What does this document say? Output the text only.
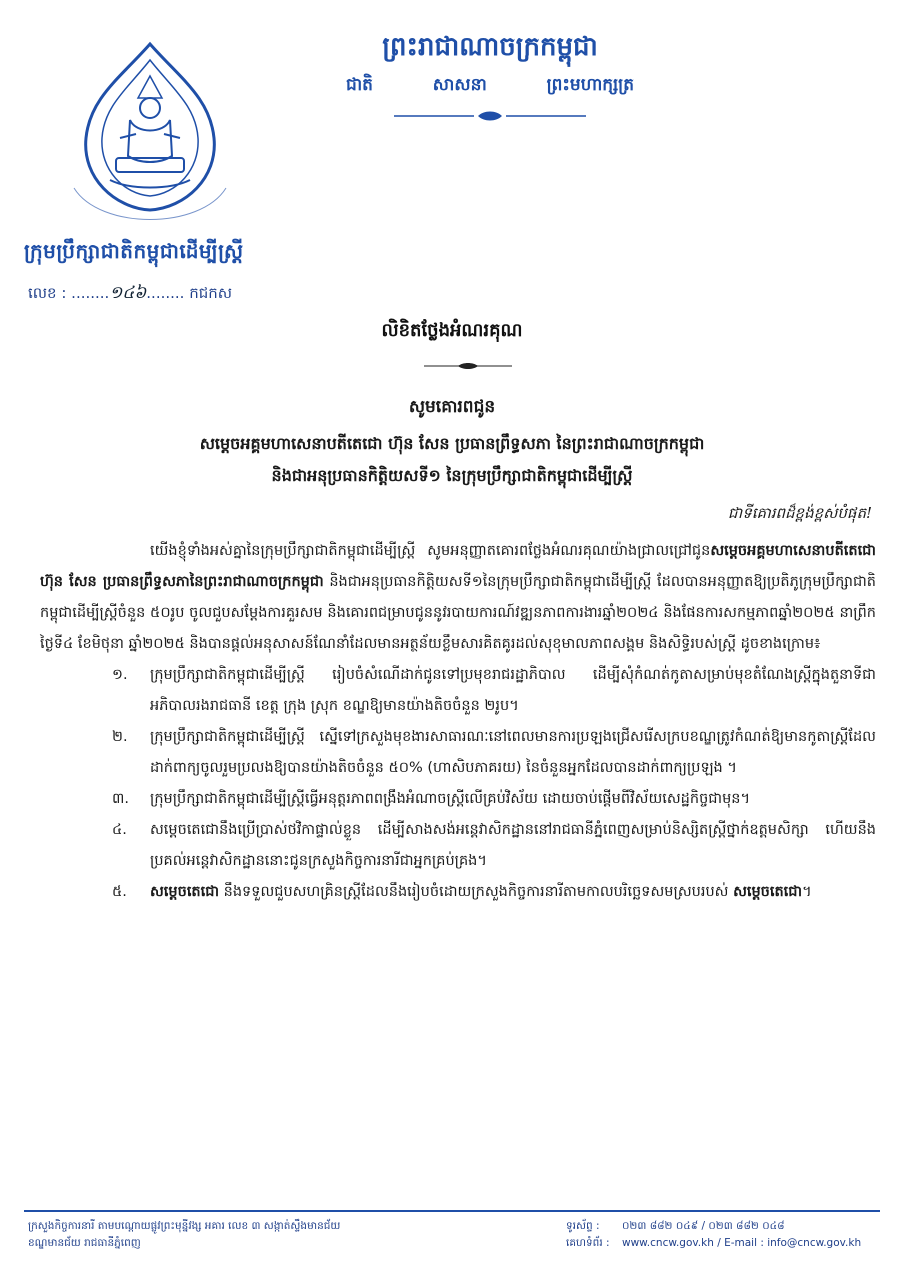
ព្រះរាជាណាចក្រកម្ពុជា
ជាតិ	សាសនា	ព្រះមហាក្សត្រ
ក្រុមប្រឹក្សាជាតិកម្ពុជាដើម្បីស្ត្រី
លេខ : ........១៤៦........ កជកស
លិខិតថ្លែងអំណរគុណ
សូមគោរពជូន
សម្តេចអគ្គមហាសេនាបតីតេជោ ហ៊ុន សែន ប្រធានព្រឹទ្ធសភា នៃព្រះរាជាណាចក្រកម្ពុជា
និងជាអនុប្រធានកិត្តិយសទី១ នៃក្រុមប្រឹក្សាជាតិកម្ពុជាដើម្បីស្ត្រី
ជាទីគោរពដ៏ខ្ពង់ខ្ពស់បំផុត!

យើងខ្ញុំទាំងអស់គ្នានៃក្រុមប្រឹក្សាជាតិកម្ពុជាដើម្បីស្ត្រី សូមអនុញ្ញាតគោរពថ្លែងអំណរគុណយ៉ាងជ្រាលជ្រៅជូនសម្តេចអគ្គមហាសេនាបតីតេជោ ហ៊ុន សែន ប្រធានព្រឹទ្ធសភានៃព្រះរាជាណាចក្រកម្ពុជា និងជាអនុប្រធានកិត្តិយសទី១នៃក្រុមប្រឹក្សាជាតិកម្ពុជាដើម្បីស្ត្រី ដែលបានអនុញ្ញាតឱ្យប្រតិភូក្រុមប្រឹក្សាជាតិកម្ពុជាដើម្បីស្ត្រីចំនួន ៥០រូប ចូលជួបសម្តែងការគួរសម និងគោរពជម្រាបជូននូវរបាយការណ៍វឌ្ឍនភាពការងារឆ្នាំ២០២៤ និងផែនការសកម្មភាពឆ្នាំ២០២៥ នាព្រឹកថ្ងៃទី៤ ខែមិថុនា ឆ្នាំ២០២៥ និងបានផ្តល់អនុសាសន៍ណែនាំដែលមានអត្ថន័យខ្លឹមសារគិតគូរដល់សុខុមាលភាពសង្គម និងសិទ្ធិរបស់ស្ត្រី ដូចខាងក្រោម៖

១. ក្រុមប្រឹក្សាជាតិកម្ពុជាដើម្បីស្ត្រី រៀបចំសំណើដាក់ជូនទៅប្រមុខរាជរដ្ឋាភិបាល ដើម្បីសុំកំណត់កូតាសម្រាប់មុខតំណែងស្ត្រីក្នុងតួនាទីជាអភិបាលរងរាជធានី ខេត្ត ក្រុង ស្រុក ខណ្ឌឱ្យមានយ៉ាងតិចចំនួន ២រូប។
២. ក្រុមប្រឹក្សាជាតិកម្ពុជាដើម្បីស្ត្រី ស្នើទៅក្រសួងមុខងារសាធារណៈនៅពេលមានការប្រឡងជ្រើសរើសក្របខណ្ឌត្រូវកំណត់ឱ្យមានកូតាស្ត្រីដែលដាក់ពាក្យចូលរួមប្រលងឱ្យបានយ៉ាងតិចចំនួន ៥០% (ហាសិបភាគរយ) នៃចំនួនអ្នកដែលបានដាក់ពាក្យប្រឡង ។
៣. ក្រុមប្រឹក្សាជាតិកម្ពុជាដើម្បីស្ត្រីធ្វើអនុត្តរភាពពង្រឹងអំណាចស្ត្រីលើគ្រប់វិស័យ ដោយចាប់ផ្តើមពីវិស័យសេដ្ឋកិច្ចជាមុន។
៤. សម្តេចតេជោនឹងប្រើប្រាស់ថវិកាផ្ទាល់ខ្លួន ដើម្បីសាងសង់អន្តេវាសិកដ្ឋាននៅរាជធានីភ្នំពេញសម្រាប់និស្សិតស្ត្រីថ្នាក់ឧត្តមសិក្សា ហើយនឹងប្រគល់អន្តេវាសិកដ្ឋាននោះជូនក្រសួងកិច្ចការនារីជាអ្នកគ្រប់គ្រង។
៥. សម្តេចតេជោ នឹងទទួលជួបសហគ្រិនស្ត្រីដែលនឹងរៀបចំដោយក្រសួងកិច្ចការនារីតាមកាលបរិច្ឆេទសមស្របរបស់ សម្តេចតេជោ។
ក្រសួងកិច្ចការនារី តាមបណ្តោយផ្លូវព្រះមុន្នីវង្ស អគារ លេខ ៣ សង្កាត់ស្ទឹងមានជ័យ
ខណ្ឌមានជ័យ រាជធានីភ្នំពេញ
ទូរស័ព្ទ :	០២៣ ៨៨២ ០៤៩ / ០២៣ ៨៨២ ០៤៨
គេហទំព័រ :	www.cncw.gov.kh / E-mail : info@cncw.gov.kh
